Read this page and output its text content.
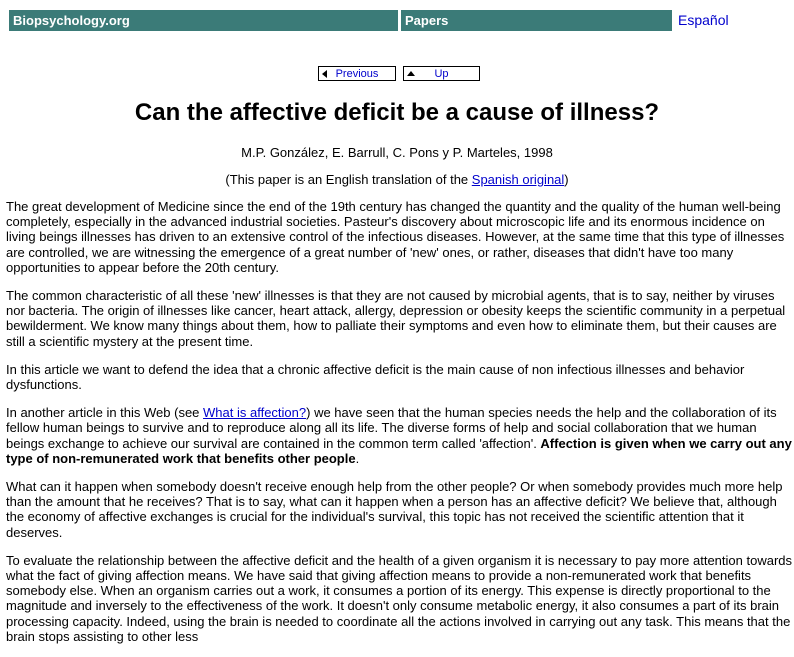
Biopsychology.org	Papers	Español
Previous	Up
Can the affective deficit be a cause of illness?
M.P. González, E. Barrull, C. Pons y P. Marteles, 1998
(This paper is an English translation of the Spanish original)

The great development of Medicine since the end of the 19th century has changed the quantity and the quality of the human well-being completely, especially in the advanced industrial societies. Pasteur's discovery about microscopic life and its enormous incidence on living beings illnesses has driven to an extensive control of the infectious diseases. However, at the same time that this type of illnesses are controlled, we are witnessing the emergence of a great number of 'new' ones, or rather, diseases that didn't have too many opportunities to appear before the 20th century.

The common characteristic of all these 'new' illnesses is that they are not caused by microbial agents, that is to say, neither by viruses nor bacteria. The origin of illnesses like cancer, heart attack, allergy, depression or obesity keeps the scientific community in a perpetual bewilderment. We know many things about them, how to palliate their symptoms and even how to eliminate them, but their causes are still a scientific mystery at the present time.

In this article we want to defend the idea that a chronic affective deficit is the main cause of non infectious illnesses and behavior dysfunctions.

In another article in this Web (see What is affection?) we have seen that the human species needs the help and the collaboration of its fellow human beings to survive and to reproduce along all its life. The diverse forms of help and social collaboration that we human beings exchange to achieve our survival are contained in the common term called 'affection'. Affection is given when we carry out any type of non-remunerated work that benefits other people.

What can it happen when somebody doesn't receive enough help from the other people? Or when somebody provides much more help than the amount that he receives? That is to say, what can it happen when a person has an affective deficit? We believe that, although the economy of affective exchanges is crucial for the individual's survival, this topic has not received the scientific attention that it deserves.

To evaluate the relationship between the affective deficit and the health of a given organism it is necessary to pay more attention towards what the fact of giving affection means. We have said that giving affection means to provide a non-remunerated work that benefits somebody else. When an organism carries out a work, it consumes a portion of its energy. This expense is directly proportional to the magnitude and inversely to the effectiveness of the work. It doesn't only consume metabolic energy, it also consumes a part of its brain processing capacity. Indeed, using the brain is needed to coordinate all the actions involved in carrying out any task. This means that the brain stops assisting to other less
